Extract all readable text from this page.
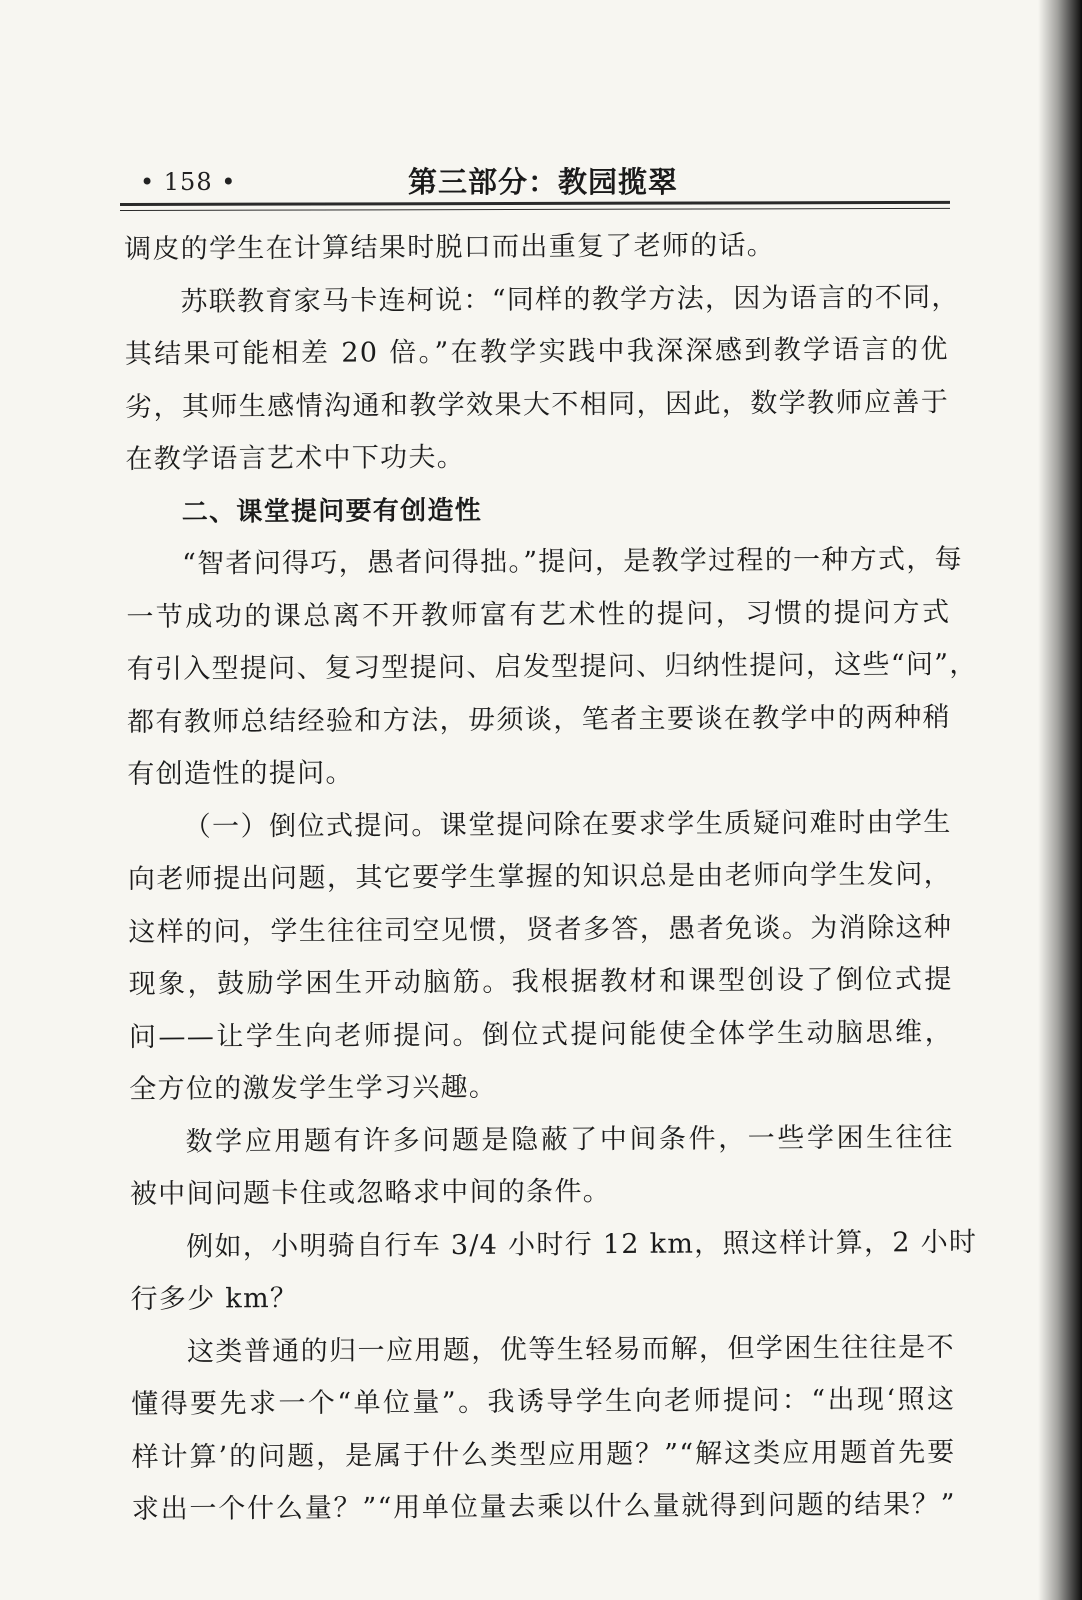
• 158 •	第三部分：教园揽翠
调皮的学生在计算结果时脱口而出重复了老师的话。
苏联教育家马卡连柯说：“同样的教学方法，因为语言的不同，
其结果可能相差 20 倍。”在教学实践中我深深感到教学语言的优
劣，其师生感情沟通和教学效果大不相同，因此，数学教师应善于
在教学语言艺术中下功夫。
二、课堂提问要有创造性
“智者问得巧，愚者问得拙。”提问，是教学过程的一种方式，每
一节成功的课总离不开教师富有艺术性的提问，习惯的提问方式
有引入型提问、复习型提问、启发型提问、归纳性提问，这些“问”，
都有教师总结经验和方法，毋须谈，笔者主要谈在教学中的两种稍
有创造性的提问。
（一）倒位式提问。课堂提问除在要求学生质疑问难时由学生
向老师提出问题，其它要学生掌握的知识总是由老师向学生发问，
这样的问，学生往往司空见惯，贤者多答，愚者免谈。为消除这种
现象，鼓励学困生开动脑筋。我根据教材和课型创设了倒位式提
问——让学生向老师提问。倒位式提问能使全体学生动脑思维，
全方位的激发学生学习兴趣。
数学应用题有许多问题是隐蔽了中间条件，一些学困生往往
被中间问题卡住或忽略求中间的条件。
例如，小明骑自行车 3/4 小时行 12 km，照这样计算，2 小时
行多少 km？
这类普通的归一应用题，优等生轻易而解，但学困生往往是不
懂得要先求一个“单位量”。我诱导学生向老师提问：“出现‘照这
样计算’的问题，是属于什么类型应用题？”“解这类应用题首先要
求出一个什么量？”“用单位量去乘以什么量就得到问题的结果？”
